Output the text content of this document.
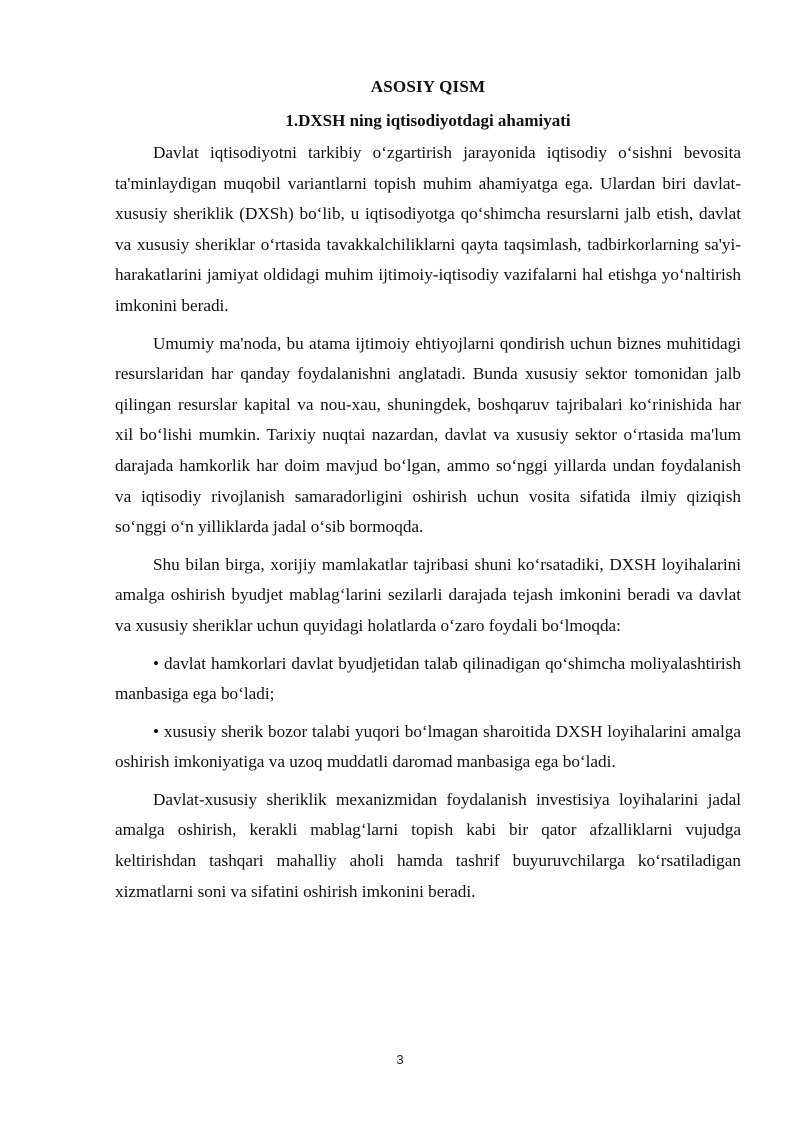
ASOSIY QISM
1.DXSH ning iqtisodiyotdagi ahamiyati

Davlat iqtisodiyotni tarkibiy oʻzgartirish jarayonida iqtisodiy oʻsishni bevosita ta'minlaydigan muqobil variantlarni topish muhim ahamiyatga ega. Ulardan biri davlat-xususiy sheriklik (DXSh) boʻlib, u iqtisodiyotga qoʻshimcha resurslarni jalb etish, davlat va xususiy sheriklar oʻrtasida tavakkalchiliklarni qayta taqsimlash, tadbirkorlarning sa'yi-harakatlarini jamiyat oldidagi muhim ijtimoiy-iqtisodiy vazifalarni hal etishga yoʻnaltirish imkonini beradi.

Umumiy ma'noda, bu atama ijtimoiy ehtiyojlarni qondirish uchun biznes muhitidagi resurslaridan har qanday foydalanishni anglatadi. Bunda xususiy sektor tomonidan jalb qilingan resurslar kapital va nou-xau, shuningdek, boshqaruv tajribalari koʻrinishida har xil boʻlishi mumkin. Tarixiy nuqtai nazardan, davlat va xususiy sektor oʻrtasida ma'lum darajada hamkorlik har doim mavjud boʻlgan, ammo soʻnggi yillarda undan foydalanish va iqtisodiy rivojlanish samaradorligini oshirish uchun vosita sifatida ilmiy qiziqish soʻnggi oʻn yilliklarda jadal oʻsib bormoqda.

Shu bilan birga, xorijiy mamlakatlar tajribasi shuni koʻrsatadiki, DXSH loyihalarini amalga oshirish byudjet mablagʻlarini sezilarli darajada tejash imkonini beradi va davlat va xususiy sheriklar uchun quyidagi holatlarda oʻzaro foydali boʻlmoqda:

• davlat hamkorlari davlat byudjetidan talab qilinadigan qoʻshimcha moliyalashtirish manbasiga ega boʻladi;

• xususiy sherik bozor talabi yuqori boʻlmagan sharoitida DXSH loyihalarini amalga oshirish imkoniyatiga va uzoq muddatli daromad manbasiga ega boʻladi.

Davlat-xususiy sheriklik mexanizmidan foydalanish investisiya loyihalarini jadal amalga oshirish, kerakli mablagʻlarni topish kabi bir qator afzalliklarni vujudga keltirishdan tashqari mahalliy aholi hamda tashrif buyuruvchilarga koʻrsatiladigan xizmatlarni soni va sifatini oshirish imkonini beradi.

3
